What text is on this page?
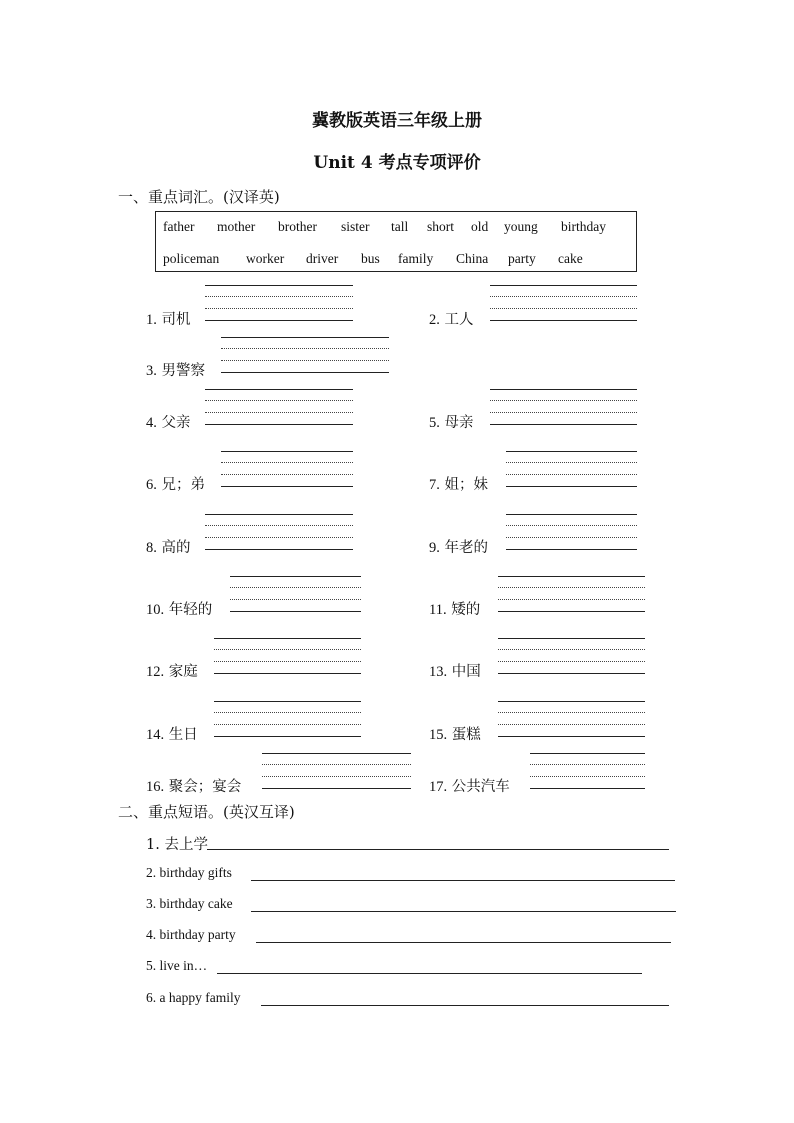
冀教版英语三年级上册
Unit 4 考点专项评价
一、重点词汇。(汉译英)
father	mother	brother	sister	tall	short	old	young	birthday
policeman	worker	driver	bus	family	China	party	cake
1. 司机	2. 工人
3. 男警察
4. 父亲	5. 母亲
6. 兄；弟	7. 姐；妹
8. 高的	9. 年老的
10. 年轻的	11. 矮的
12. 家庭	13. 中国
14. 生日	15. 蛋糕
16. 聚会；宴会	17. 公共汽车
二、重点短语。(英汉互译)
1. 去上学
2. birthday gifts
3. birthday cake
4. birthday party
5. live in…
6. a happy family
